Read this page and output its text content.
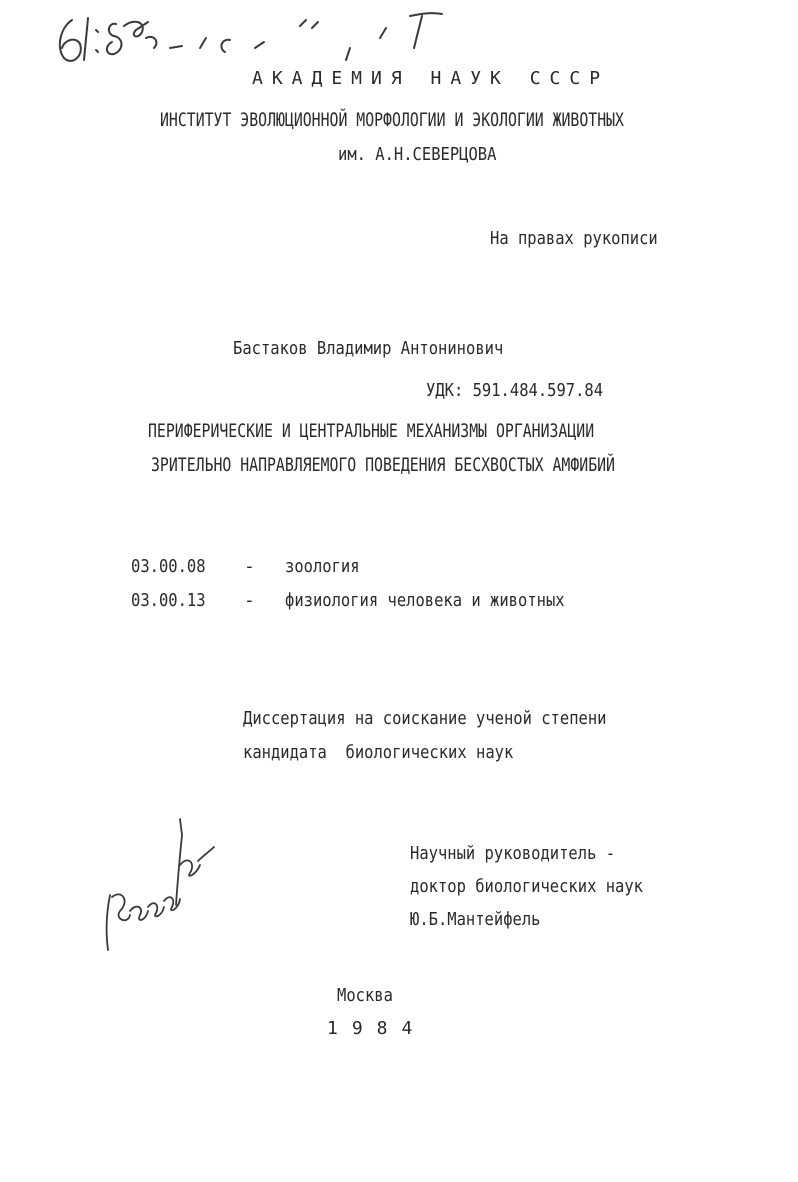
АКАДЕМИЯ НАУК СССР
ИНСТИТУТ ЭВОЛЮЦИОННОЙ МОРФОЛОГИИ И ЭКОЛОГИИ ЖИВОТНЫХ
им. А.Н.СЕВЕРЦОВА
На правах рукописи
Бастаков Владимир Антонинович
УДК: 591.484.597.84
ПЕРИФЕРИЧЕСКИЕ И ЦЕНТРАЛЬНЫЕ МЕХАНИЗМЫ ОРГАНИЗАЦИИ
ЗРИТЕЛЬНО НАПРАВЛЯЕМОГО ПОВЕДЕНИЯ БЕСХВОСТЫХ АМФИБИЙ
03.00.08	- зоология
03.00.13	- физиология человека и животных
Диссертация на соискание ученой степени
кандидата  биологических наук
Научный руководитель -
доктор биологических наук
Ю.Б.Мантейфель
Москва
1984
